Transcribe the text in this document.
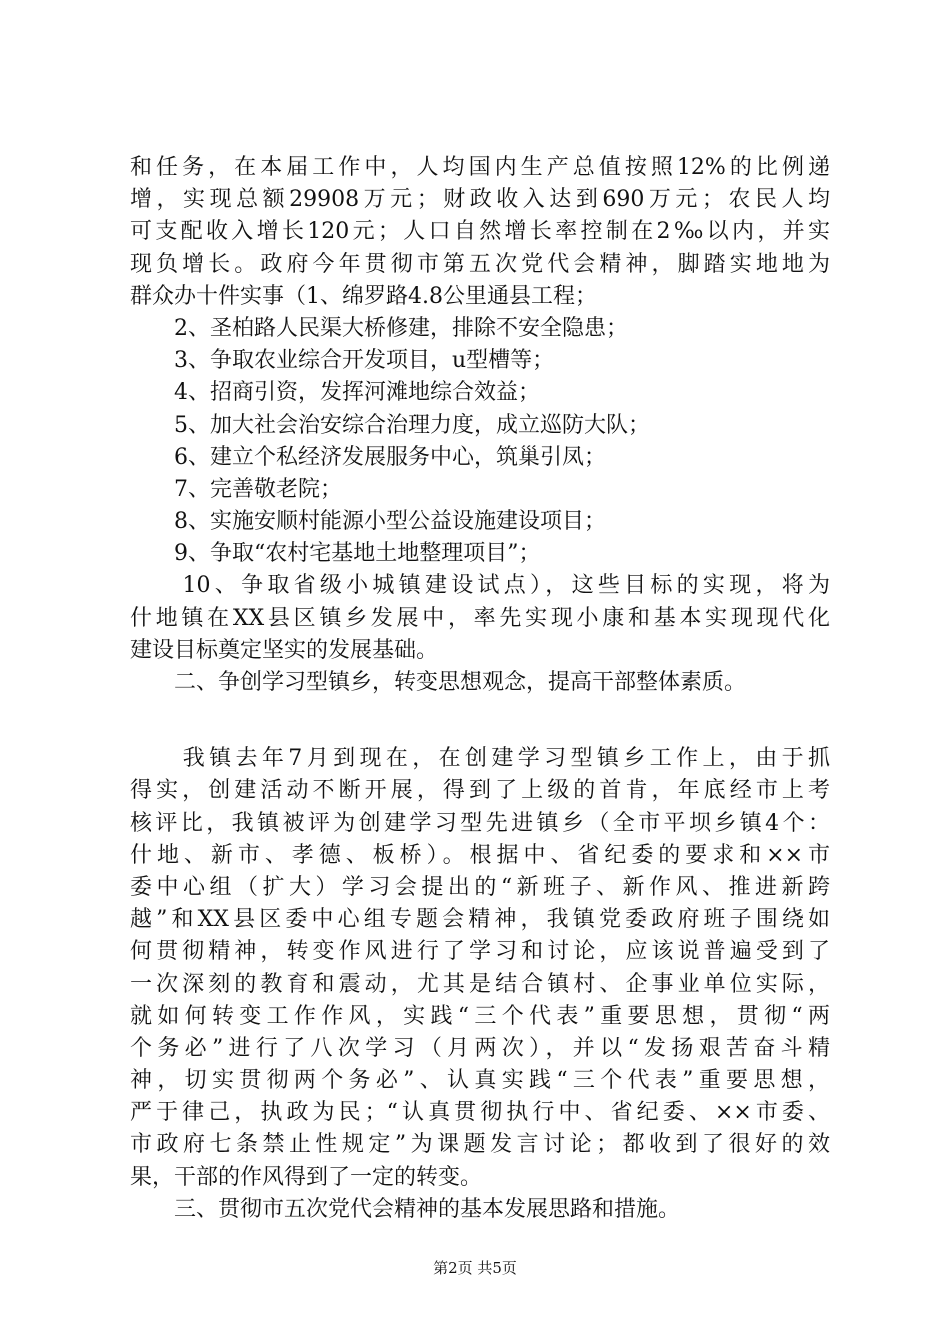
和任务，在本届工作中，人均国内生产总值按照12%的比例递
增，实现总额29908万元；财政收入达到690万元；农民人均
可支配收入增长120元；人口自然增长率控制在2‰以内，并实
现负增长。政府今年贯彻市第五次党代会精神，脚踏实地地为
群众办十件实事（1、绵罗路4.8公里通县工程；
　　2、圣柏路人民渠大桥修建，排除不安全隐患；
　　3、争取农业综合开发项目，u型槽等；
　　4、招商引资，发挥河滩地综合效益；
　　5、加大社会治安综合治理力度，成立巡防大队；
　　6、建立个私经济发展服务中心，筑巢引凤；
　　7、完善敬老院；
　　8、实施安顺村能源小型公益设施建设项目；
　　9、争取“农村宅基地土地整理项目”；
　　10、争取省级小城镇建设试点），这些目标的实现，将为
什地镇在XX县区镇乡发展中，率先实现小康和基本实现现代化
建设目标奠定坚实的发展基础。
　　二、争创学习型镇乡，转变思想观念，提高干部整体素质。
　　我镇去年7月到现在，在创建学习型镇乡工作上，由于抓
得实，创建活动不断开展，得到了上级的首肯，年底经市上考
核评比，我镇被评为创建学习型先进镇乡（全市平坝乡镇4个：
什地、新市、孝德、板桥）。根据中、省纪委的要求和××市
委中心组（扩大）学习会提出的“新班子、新作风、推进新跨
越”和XX县区委中心组专题会精神，我镇党委政府班子围绕如
何贯彻精神，转变作风进行了学习和讨论，应该说普遍受到了
一次深刻的教育和震动，尤其是结合镇村、企事业单位实际，
就如何转变工作作风，实践“三个代表”重要思想，贯彻“两
个务必”进行了八次学习（月两次），并以“发扬艰苦奋斗精
神，切实贯彻两个务必”、认真实践“三个代表”重要思想，
严于律己，执政为民；“认真贯彻执行中、省纪委、××市委、
市政府七条禁止性规定”为课题发言讨论；都收到了很好的效
果，干部的作风得到了一定的转变。
　　三、贯彻市五次党代会精神的基本发展思路和措施。
第2页 共5页
